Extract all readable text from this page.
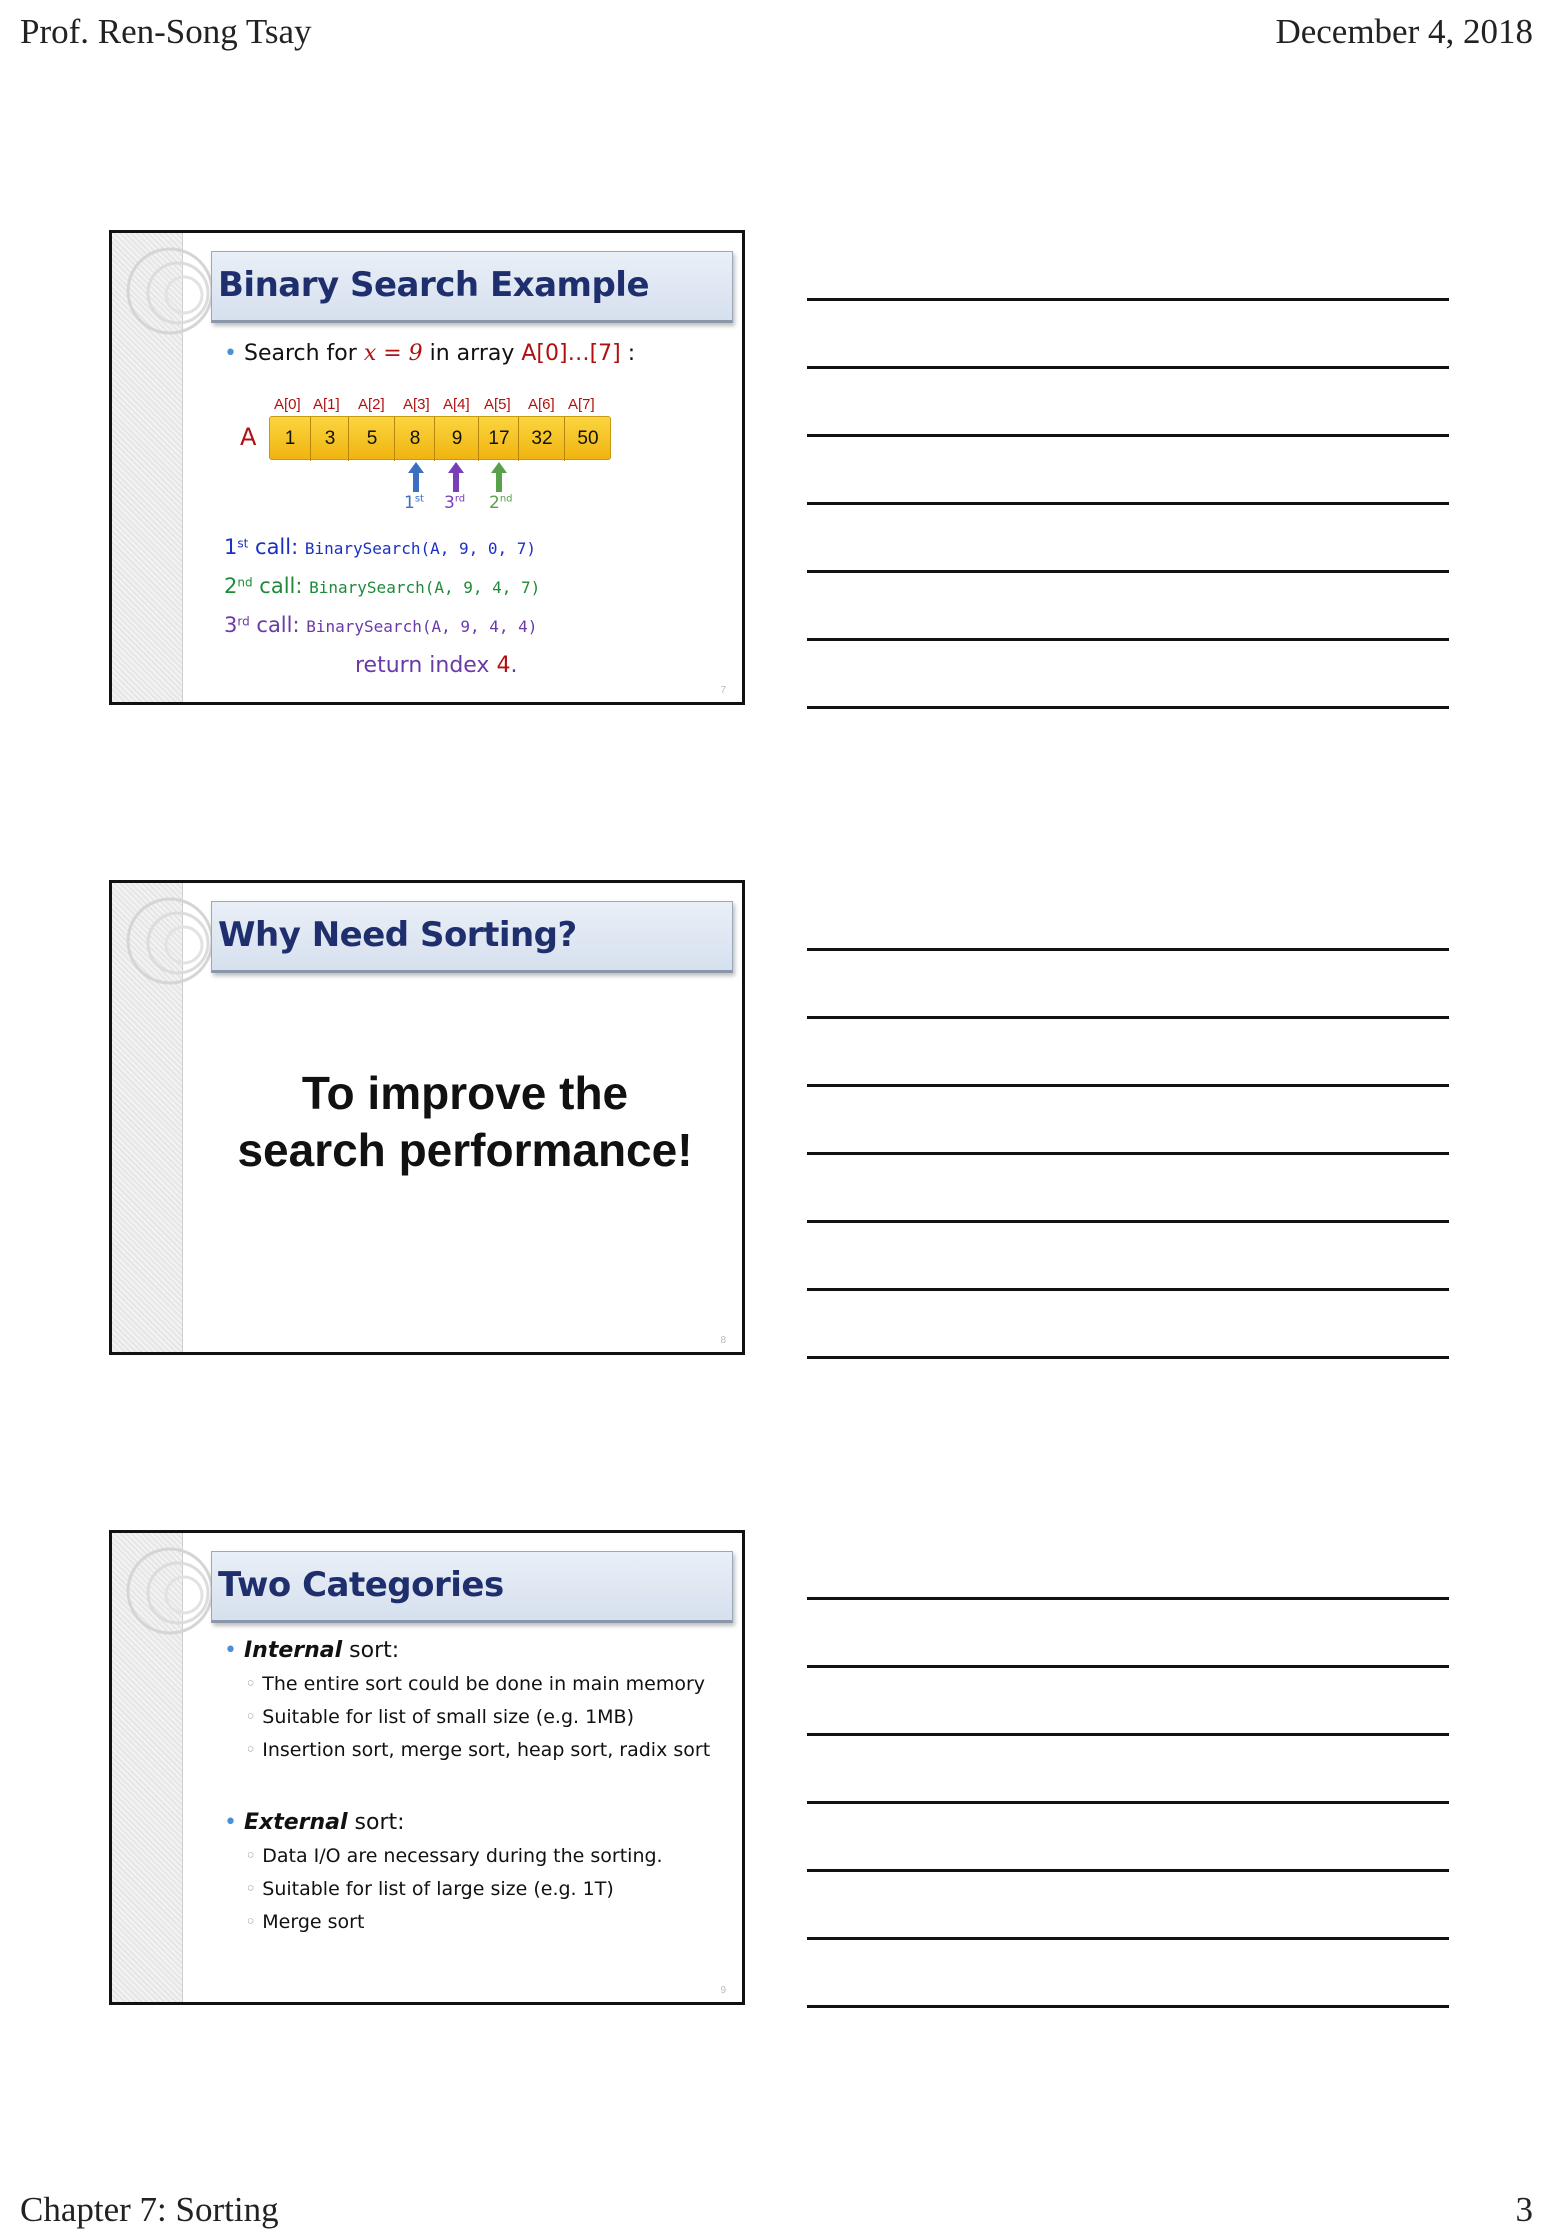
Prof. Ren-Song Tsay	December 4, 2018
Chapter 7: Sorting	3
Binary Search Example
• Search for x = 9 in array A[0]…[7] :
A[0] A[1] A[2] A[3] A[4] A[5] A[6] A[7]
A	1	3	5	8	9	17	32	50
1st 3rd 2nd
1st call: BinarySearch(A, 9, 0, 7)
2nd call: BinarySearch(A, 9, 4, 7)
3rd call: BinarySearch(A, 9, 4, 4)
return index 4.
7
Why Need Sorting?
To improve the
search performance!
8
Two Categories
• Internal sort:
◦ The entire sort could be done in main memory
◦ Suitable for list of small size (e.g. 1MB)
◦ Insertion sort, merge sort, heap sort, radix sort
• External sort:
◦ Data I/O are necessary during the sorting.
◦ Suitable for list of large size (e.g. 1T)
◦ Merge sort
9
